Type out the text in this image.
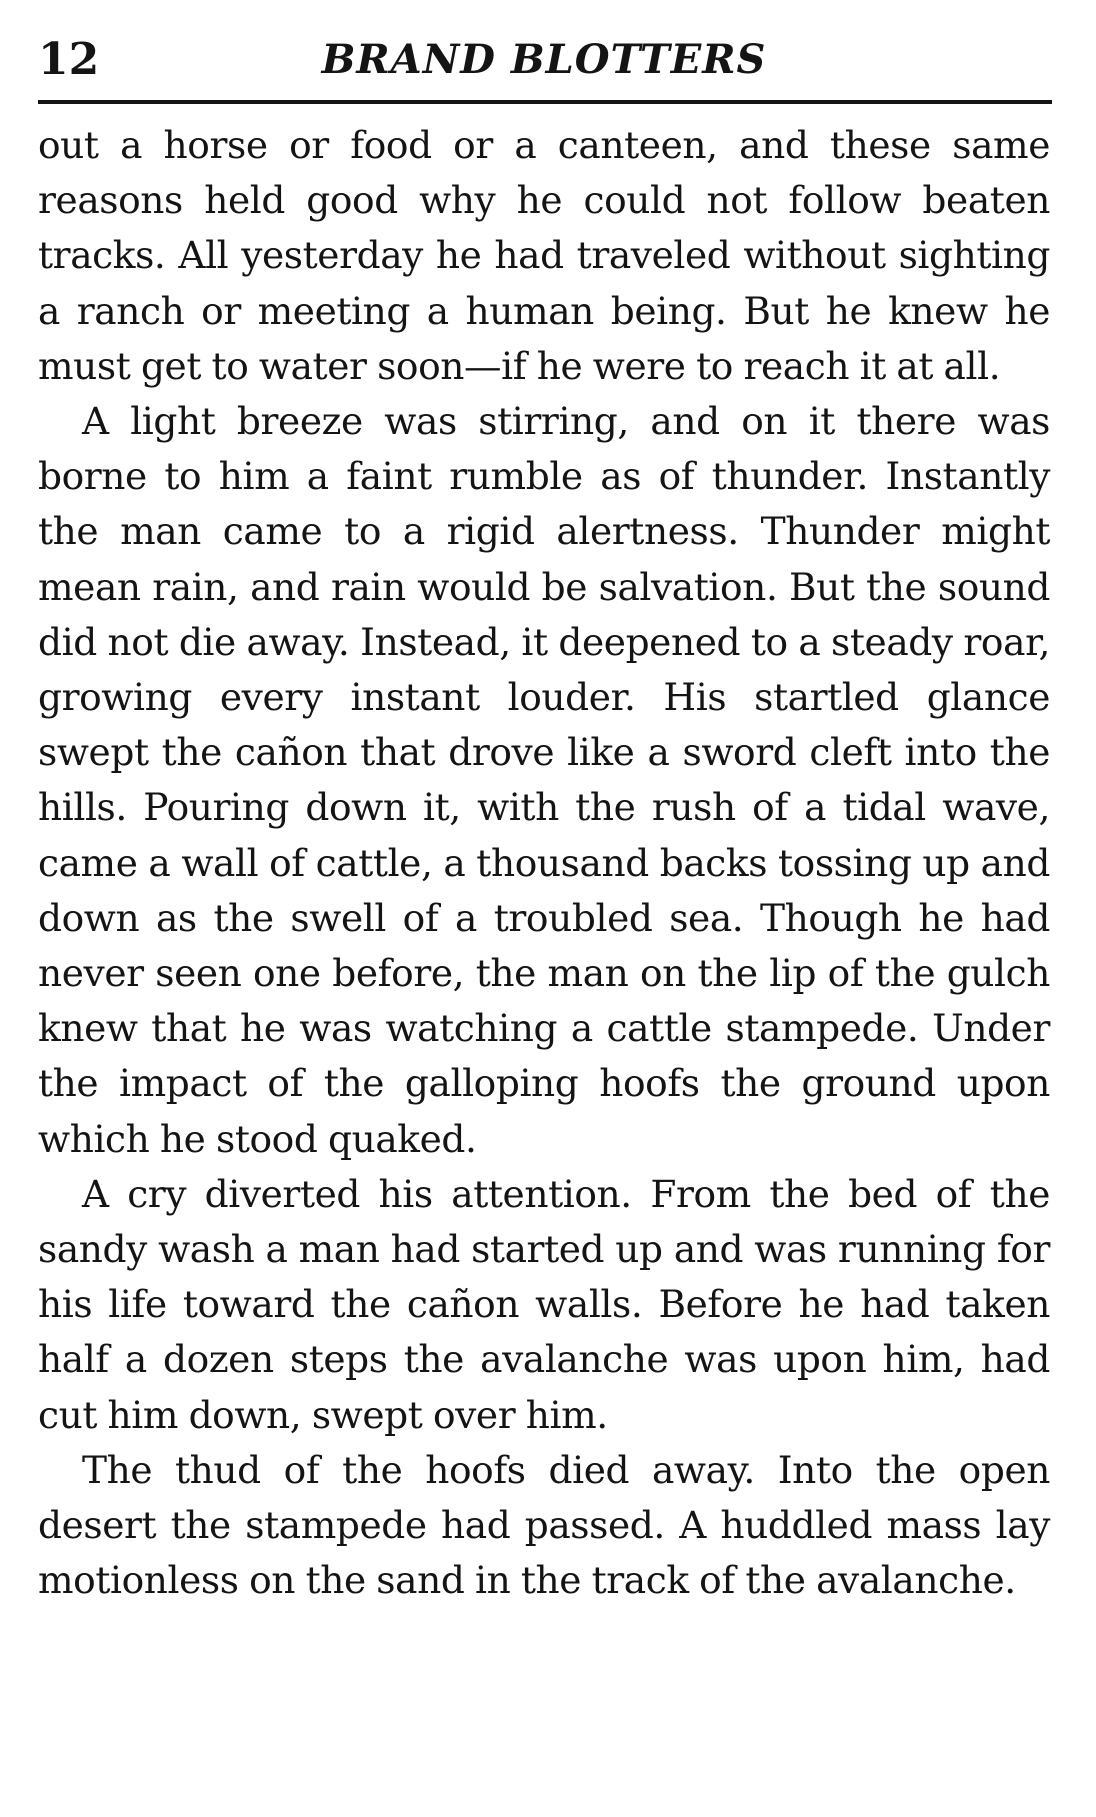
12	BRAND BLOTTERS

out a horse or food or a canteen, and these same reasons held good why he could not follow beaten tracks. All yesterday he had traveled without sighting a ranch or meeting a human being. But he knew he must get to water soon—if he were to reach it at all.

A light breeze was stirring, and on it there was borne to him a faint rumble as of thunder. Instantly the man came to a rigid alertness. Thunder might mean rain, and rain would be salvation. But the sound did not die away. Instead, it deepened to a steady roar, growing every instant louder. His startled glance swept the cañon that drove like a sword cleft into the hills. Pouring down it, with the rush of a tidal wave, came a wall of cattle, a thousand backs tossing up and down as the swell of a troubled sea. Though he had never seen one before, the man on the lip of the gulch knew that he was watching a cattle stampede. Under the impact of the galloping hoofs the ground upon which he stood quaked.

A cry diverted his attention. From the bed of the sandy wash a man had started up and was running for his life toward the cañon walls. Before he had taken half a dozen steps the avalanche was upon him, had cut him down, swept over him.

The thud of the hoofs died away. Into the open desert the stampede had passed. A huddled mass lay motionless on the sand in the track of the avalanche.
